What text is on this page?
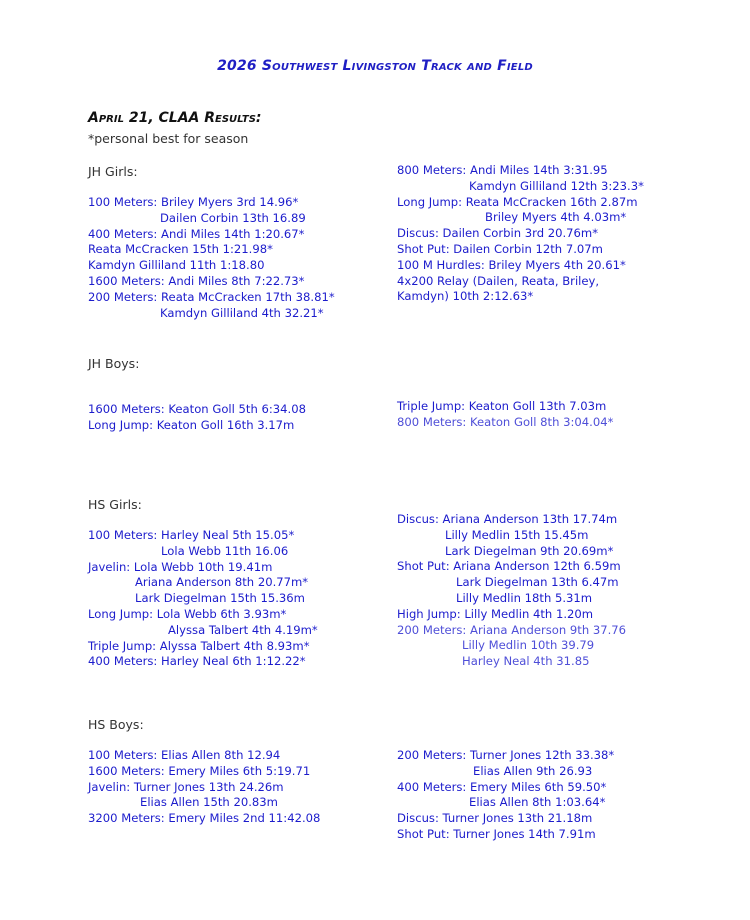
2026 Southwest Livingston Track and Field
April 21, CLAA Results:
*personal best for season
JH Girls:
100 Meters: Briley Myers 3rd 14.96*
Dailen Corbin 13th 16.89
400 Meters: Andi Miles 14th 1:20.67*
Reata McCracken 15th 1:21.98*
Kamdyn Gilliland 11th 1:18.80
1600 Meters: Andi Miles 8th 7:22.73*
200 Meters: Reata McCracken 17th 38.81*
Kamdyn Gilliland 4th 32.21*
800 Meters: Andi Miles 14th 3:31.95
Kamdyn Gilliland 12th 3:23.3*
Long Jump: Reata McCracken 16th 2.87m
Briley Myers 4th 4.03m*
Discus: Dailen Corbin 3rd 20.76m*
Shot Put: Dailen Corbin 12th 7.07m
100 M Hurdles: Briley Myers 4th 20.61*
4x200 Relay (Dailen, Reata, Briley,
Kamdyn) 10th 2:12.63*
JH Boys:
1600 Meters: Keaton Goll 5th 6:34.08
Long Jump: Keaton Goll 16th 3.17m
Triple Jump: Keaton Goll 13th 7.03m
800 Meters: Keaton Goll 8th 3:04.04*
HS Girls:
100 Meters: Harley Neal 5th 15.05*
Lola Webb 11th 16.06
Javelin: Lola Webb 10th 19.41m
Ariana Anderson 8th 20.77m*
Lark Diegelman 15th 15.36m
Long Jump: Lola Webb 6th 3.93m*
Alyssa Talbert 4th 4.19m*
Triple Jump: Alyssa Talbert 4th 8.93m*
400 Meters: Harley Neal 6th 1:12.22*
Discus: Ariana Anderson 13th 17.74m
Lilly Medlin 15th 15.45m
Lark Diegelman 9th 20.69m*
Shot Put: Ariana Anderson 12th 6.59m
Lark Diegelman 13th 6.47m
Lilly Medlin 18th 5.31m
High Jump: Lilly Medlin 4th 1.20m
200 Meters: Ariana Anderson 9th 37.76
Lilly Medlin 10th 39.79
Harley Neal 4th 31.85
HS Boys:
100 Meters: Elias Allen 8th 12.94
1600 Meters: Emery Miles 6th 5:19.71
Javelin: Turner Jones 13th 24.26m
Elias Allen 15th 20.83m
3200 Meters: Emery Miles 2nd 11:42.08
200 Meters: Turner Jones 12th 33.38*
Elias Allen 9th 26.93
400 Meters: Emery Miles 6th 59.50*
Elias Allen 8th 1:03.64*
Discus: Turner Jones 13th 21.18m
Shot Put: Turner Jones 14th 7.91m
